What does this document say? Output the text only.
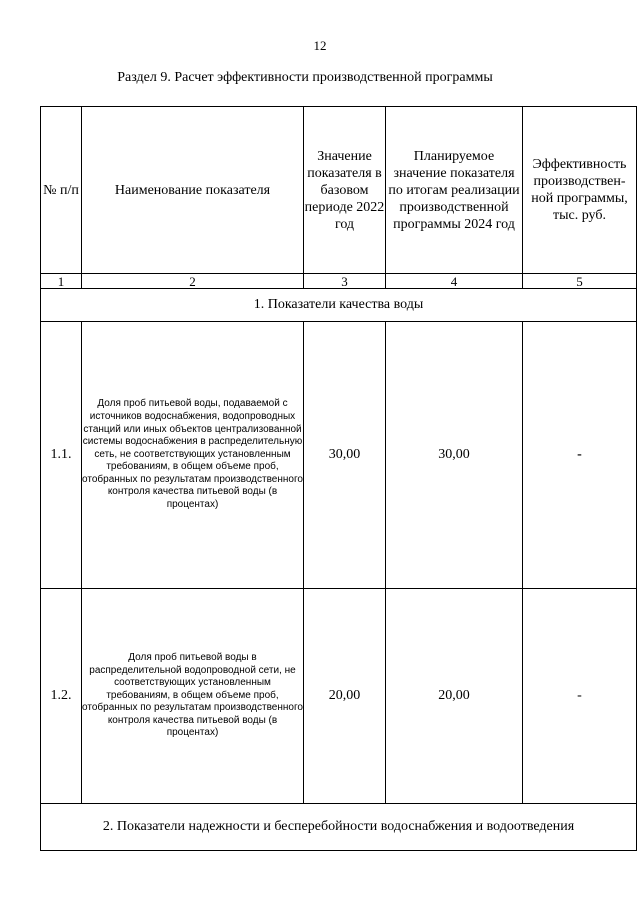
12
Раздел 9. Расчет эффективности производственной программы
№ п/п	Наименование показателя	Значение показателя в базовом периоде 2022 год	Планируемое значение показателя по итогам реализации производственной программы 2024 год	Эффективность производствен-ной программы, тыс. руб.
1	2	3	4	5
1. Показатели качества воды				
1.1.	Доля проб питьевой воды, подаваемой с источников водоснабжения, водопроводных станций или иных объектов централизованной системы водоснабжения в распределительную сеть, не соответствующих установленным требованиям, в общем объеме проб, отобранных по результатам производственного контроля качества питьевой воды (в процентах)	30,00	30,00	-
1.2.	Доля проб питьевой воды в распределительной водопроводной сети, не соответствующих установленным требованиям, в общем объеме проб, отобранных по результатам производственного контроля качества питьевой воды (в процентах)	20,00	20,00	-
2. Показатели надежности и бесперебойности водоснабжения и водоотведения				
